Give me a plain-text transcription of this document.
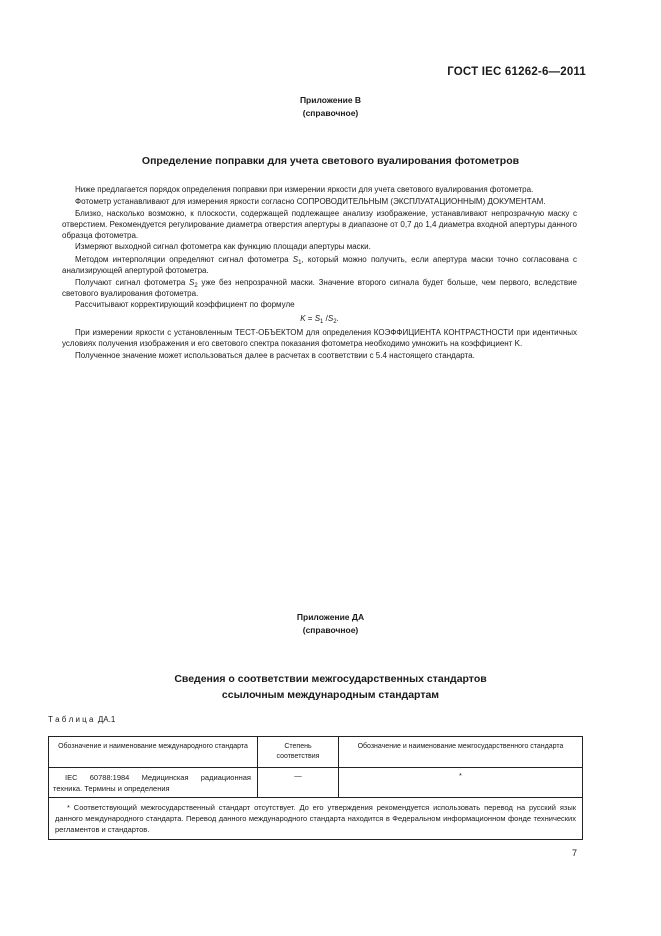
ГОСТ IEC 61262-6—2011
Приложение В
(справочное)
Определение поправки для учета светового вуалирования фотометров

Ниже предлагается порядок определения поправки при измерении яркости для учета светового вуалирования фотометра.

Фотометр устанавливают для измерения яркости согласно СОПРОВОДИТЕЛЬНЫМ (ЭКСПЛУАТАЦИОННЫМ) ДОКУМЕНТАМ.

Близко, насколько возможно, к плоскости, содержащей подлежащее анализу изображение, устанавливают непрозрачную маску с отверстием. Рекомендуется регулирование диаметра отверстия апертуры в диапазоне от 0,7 до 1,4 диаметра входной апертуры данного образца фотометра.

Измеряют выходной сигнал фотометра как функцию площади апертуры маски.

Методом интерполяции определяют сигнал фотометра $S_1$, который можно получить, если апертура маски точно согласована с анализирующей апертурой фотометра.

Получают сигнал фотометра $S_2$ уже без непрозрачной маски. Значение второго сигнала будет больше, чем первого, вследствие светового вуалирования фотометра.

Рассчитывают корректирующий коэффициент по формуле

$K = S_1$ $/S_2$.

При измерении яркости с установленным ТЕСТ-ОБЪЕКТОМ для определения КОЭФФИЦИЕНТА КОНТРАСТНОСТИ при идентичных условиях получения изображения и его светового спектра показания фотометра необходимо умножить на коэффициент K.

Полученное значение может использоваться далее в расчетах в соответствии с 5.4 настоящего стандарта.

Приложение ДА
(справочное)
Сведения о соответствии межгосударственных стандартов
ссылочным международным стандартам
Т а б л и ц а  ДА.1
Обозначение и наименование международного стандарта	Степень соответствия	Обозначение и наименование межгосударственного стандарта
IEC 60788:1984 Медицинская радиационная техника. Термины и определения	—	*
* Соответствующий межгосударственный стандарт отсутствует. До его утверждения рекомендуется использовать перевод на русский язык данного международного стандарта. Перевод данного международного стандарта находится в Федеральном информационном фонде технических регламентов и стандартов.		
7
